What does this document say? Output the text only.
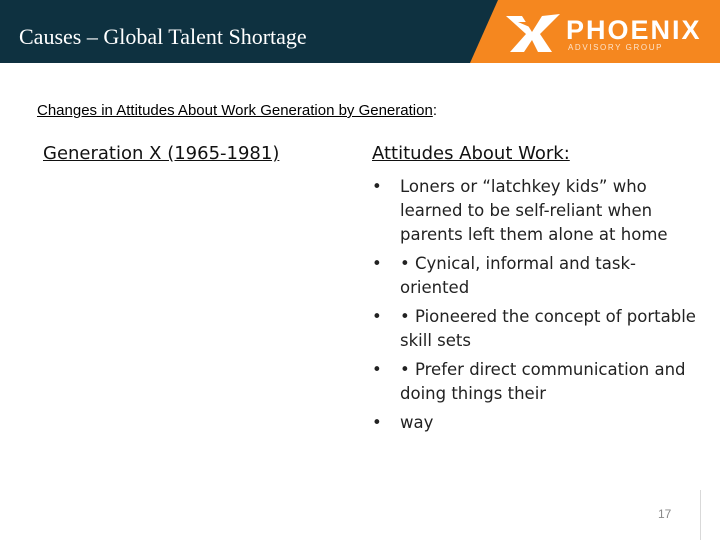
Causes – Global Talent Shortage	PHOENIX
ADVISORY GROUP
Changes in Attitudes About Work Generation by Generation:
Generation X (1965-1981)	Attitudes About Work:
• Loners or “latchkey kids” who learned to be self-reliant when parents left them alone at home
• • Cynical, informal and task-oriented
• • Pioneered the concept of portable skill sets
• • Prefer direct communication and doing things their
• way
17
